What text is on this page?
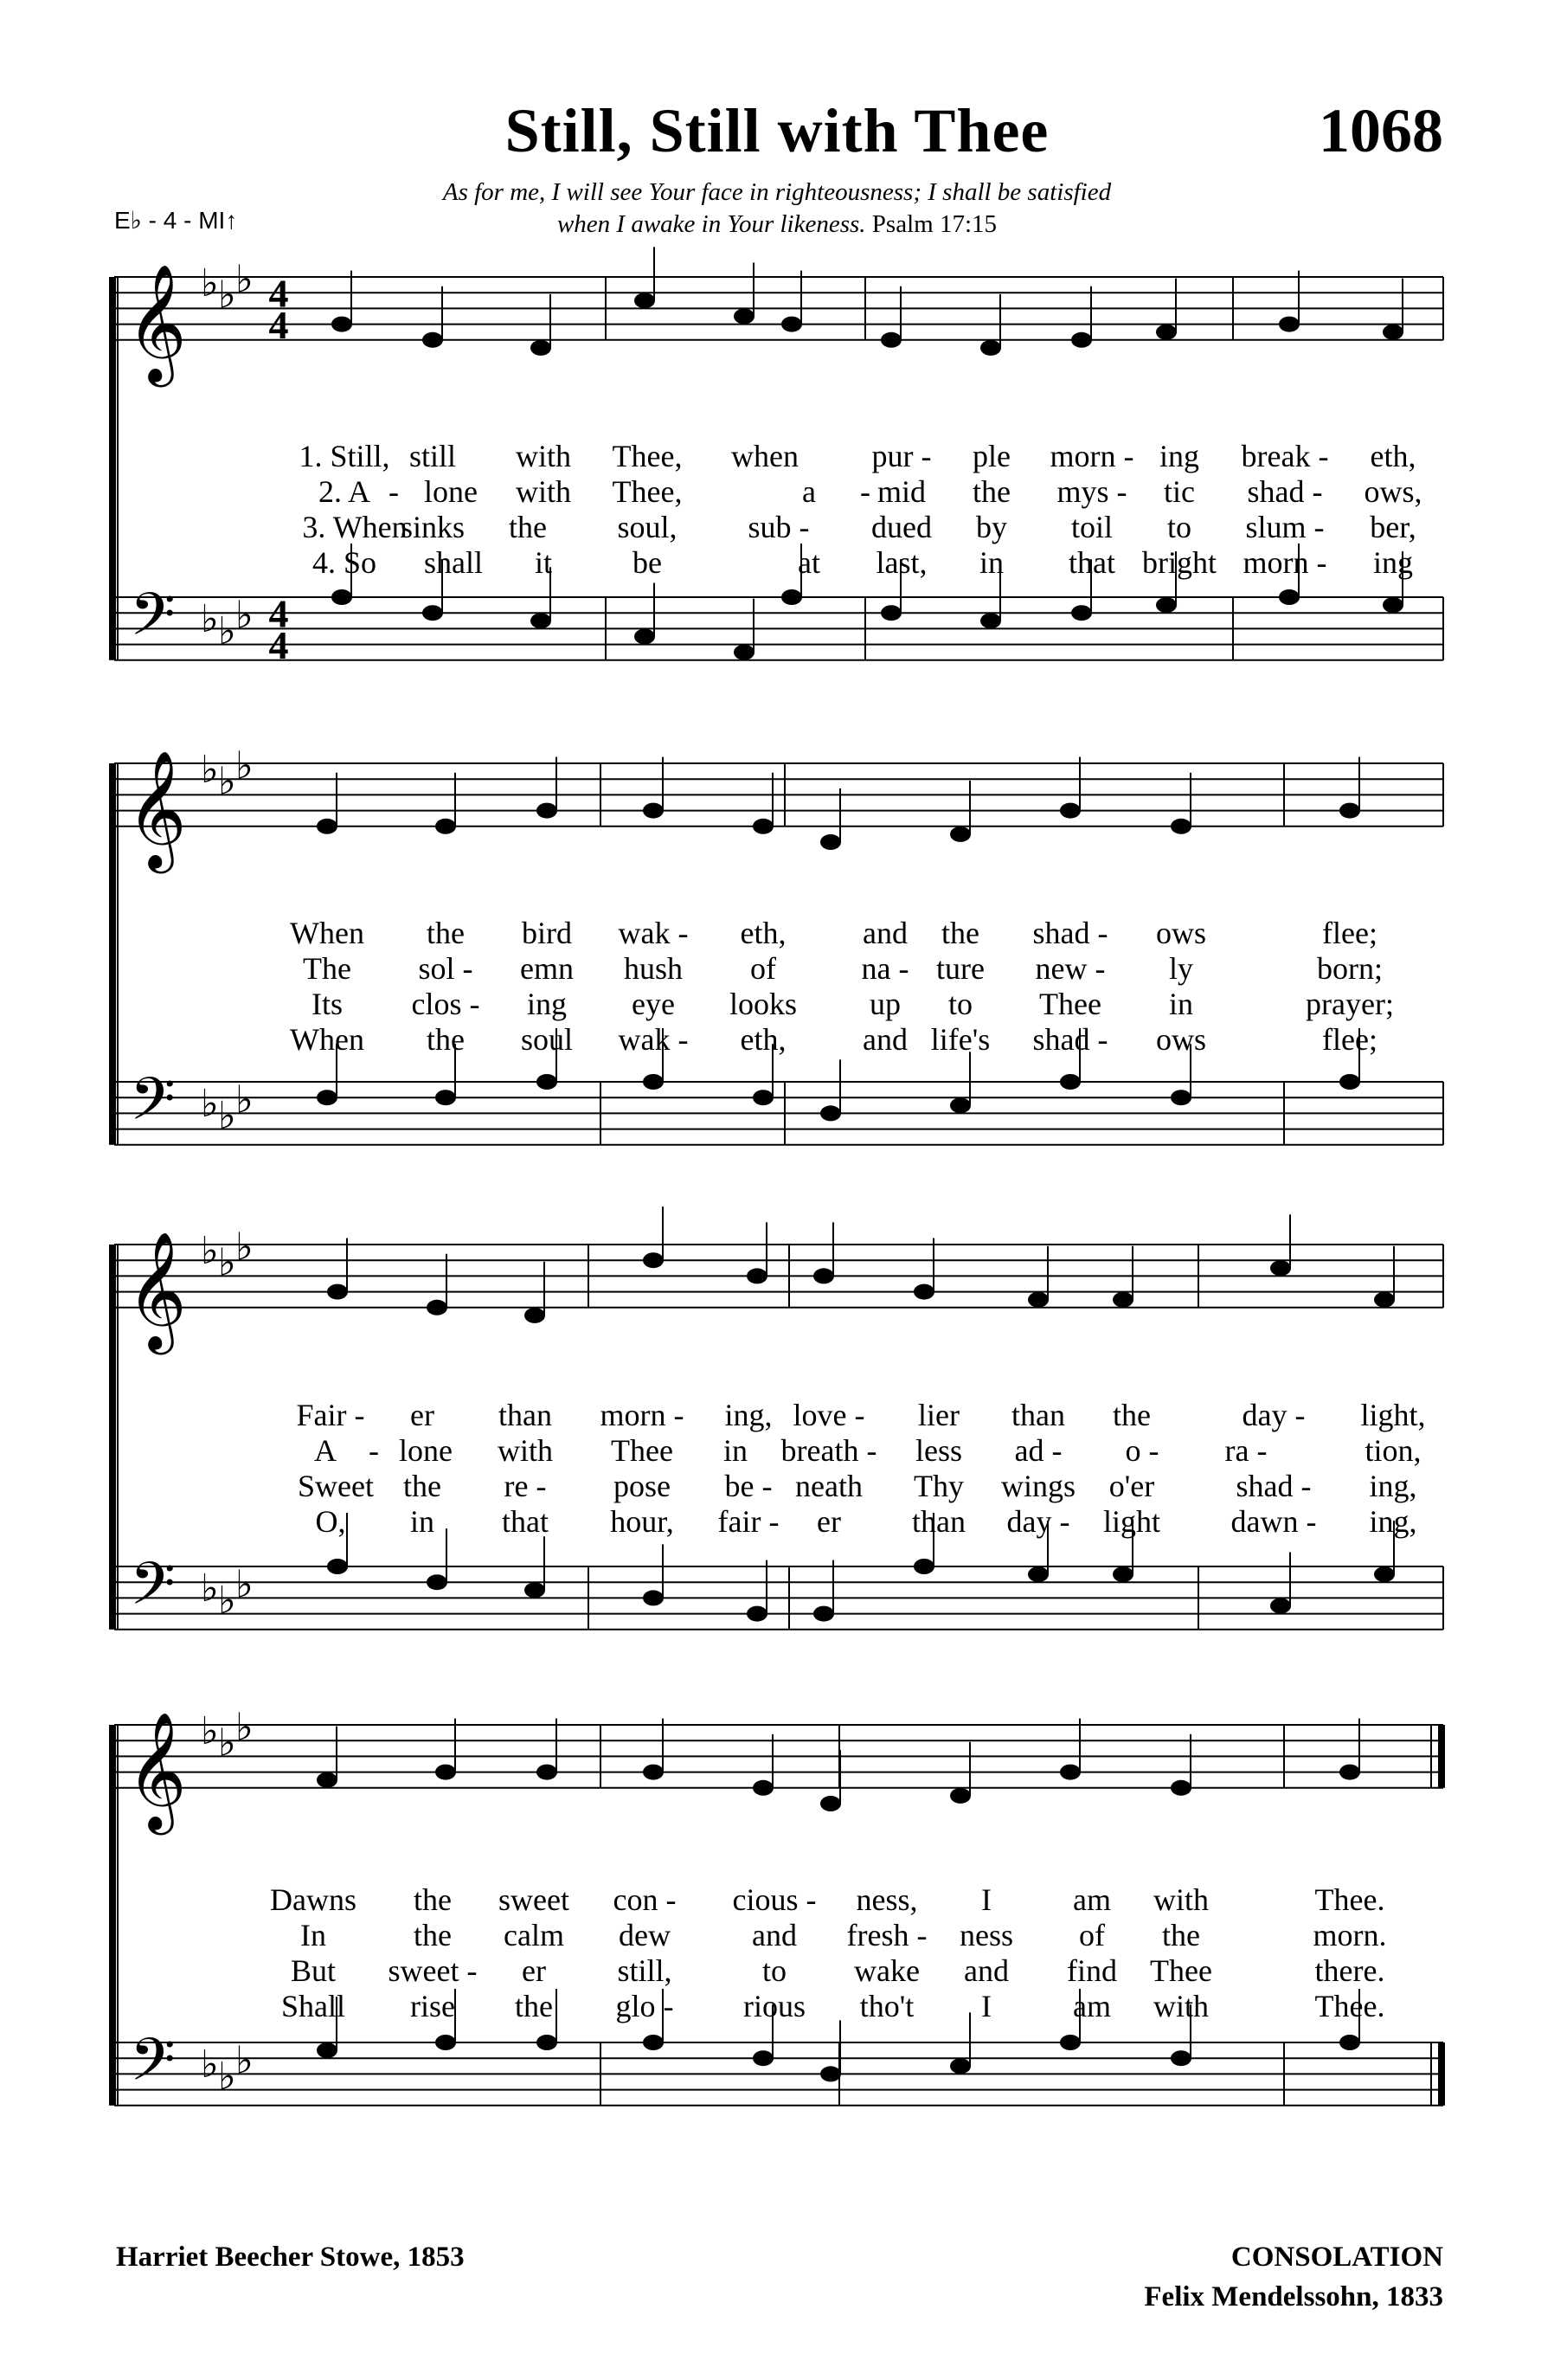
Still, Still with Thee	1068
As for me, I will see Your face in righteousness; I shall be satisfied
when I awake in Your likeness. Psalm 17:15
E♭ - 4 - MI↑
𝄞
𝄢
♭ ♭ ♭
♭ ♭ ♭
4
4
4
4
𝄞
𝄢
♭ ♭ ♭
♭ ♭ ♭
𝄞
𝄢
♭ ♭ ♭
♭ ♭ ♭
𝄞
𝄢
♭ ♭ ♭
♭ ♭ ♭
1. Still, still with Thee, when pur - ple morn - ing break - eth,
2. A - lone with Thee,	a - mid the mys - tic shad - ows,
3. When
sinks the soul, sub - dued by toil to slum - ber,
4. So shall it	be	at last, in that bright morn - ing
When the bird wak - eth, and the shad - ows	flee;
The sol - emn hush of	na - ture new - ly	born;
Its clos - ing eye looks up to Thee in	prayer;
When the soul wak - eth, and life's shad - ows	flee;
Fair - er than morn - ing, love - lier than the	day - light,
A - lone with Thee in breath - less ad - o - ra -	tion,
Sweet the re - pose be - neath Thy wings o'er	shad - ing,
O, in that hour, fair - er than day - light dawn - ing,
Dawns the sweet con - cious - ness, I	am with	Thee.
In	the calm dew	and fresh - ness of the	morn.
But sweet - er still,	to wake and find Thee	there.
Shall rise the glo - rious tho't I	am with	Thee.
Harriet Beecher Stowe, 1853	CONSOLATION
Felix Mendelssohn, 1833
